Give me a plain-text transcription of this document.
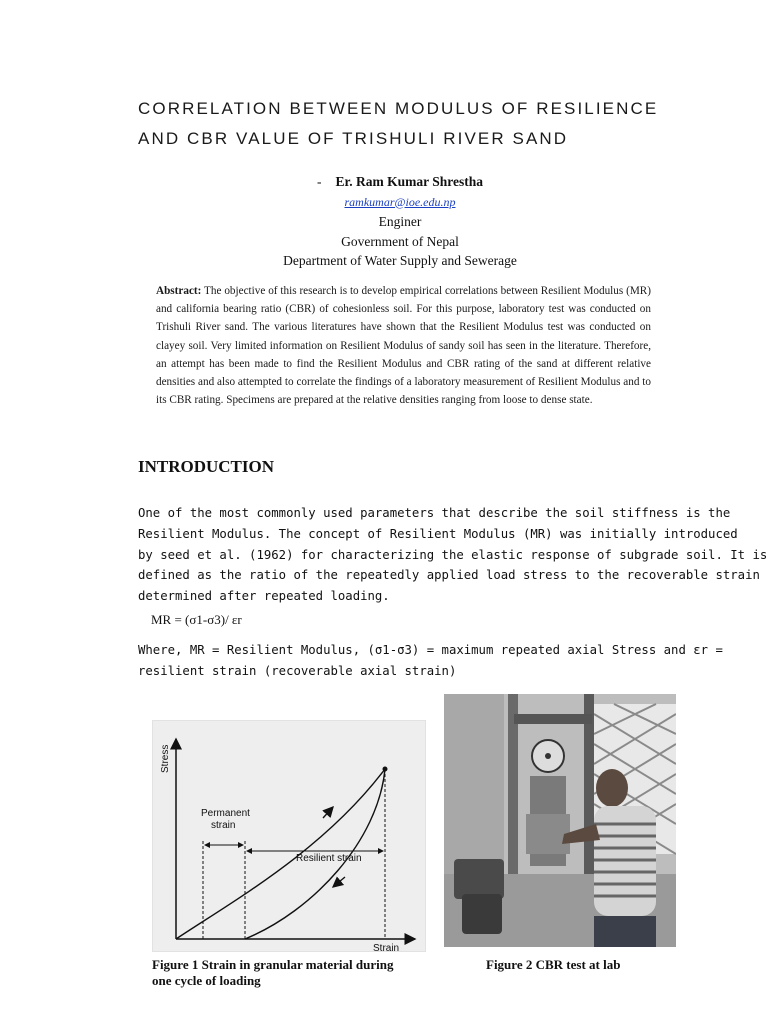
CORRELATION BETWEEN MODULUS OF RESILIENCE
AND CBR VALUE OF TRISHULI RIVER SAND
- Er. Ram Kumar Shrestha
ramkumar@ioe.edu.np
Enginer
Government of Nepal
Department of Water Supply and Sewerage
Abstract: The objective of this research is to develop empirical correlations between Resilient Modulus (MR) and california bearing ratio (CBR) of cohesionless soil. For this purpose, laboratory test was conducted on Trishuli River sand. The various literatures have shown that the Resilient Modulus test was conducted on clayey soil. Very limited information on Resilient Modulus of sandy soil has seen in the literature. Therefore, an attempt has been made to find the Resilient Modulus and CBR rating of the sand at different relative densities and also attempted to correlate the findings of a laboratory measurement of Resilient Modulus and to its CBR rating. Specimens are prepared at the relative densities ranging from loose to dense state.
INTRODUCTION
One of the most commonly used parameters that describe the soil stiffness is the
Resilient Modulus. The concept of Resilient Modulus (MR) was initially introduced
by seed et al. (1962) for characterizing the elastic response of subgrade soil. It is
defined as the ratio of the repeatedly applied load stress to the recoverable strain
determined after repeated loading.
MR = (σ1-σ3)/ εr
Where, MR = Resilient Modulus, (σ1-σ3) = maximum repeated axial Stress and εr =
resilient strain (recoverable axial strain)
Stress
Strain
Permanent
strain
Resilient strain
Figure 1 Strain in granular material during
one cycle of loading
Figure 2 CBR test at lab
